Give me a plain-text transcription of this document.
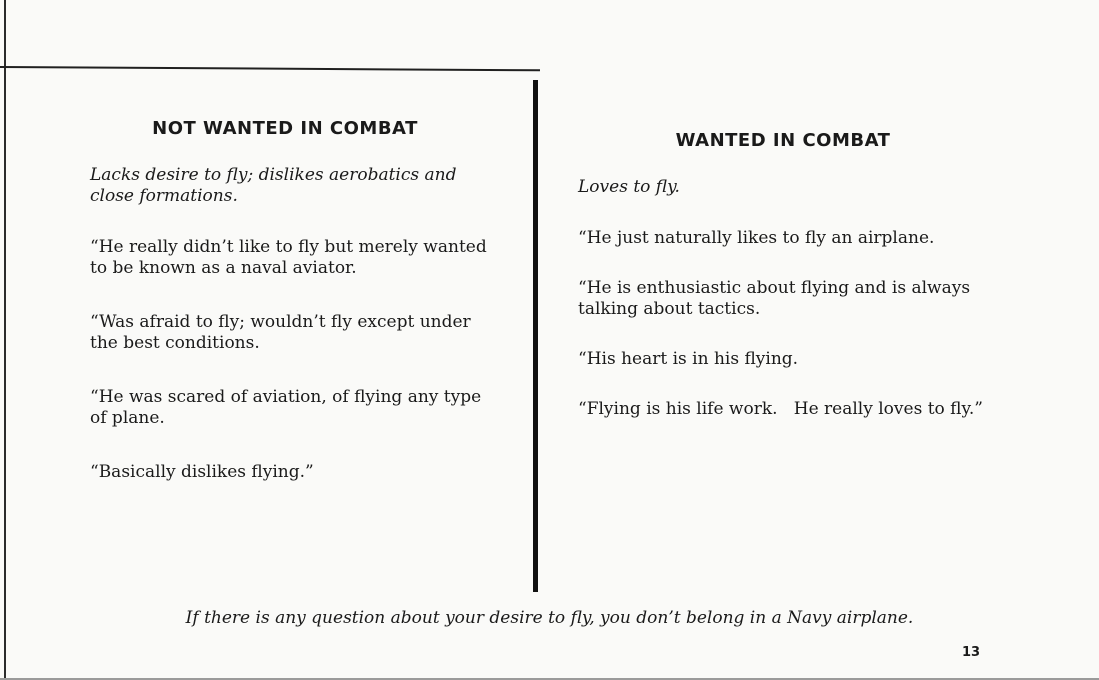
NOT WANTED IN COMBAT

Lacks desire to fly; dislikes aerobatics and close formations.

“He really didn’t like to fly but merely wanted to be known as a naval aviator.

“Was afraid to fly; wouldn’t fly except under the best conditions.

“He was scared of aviation, of flying any type of plane.

“Basically dislikes flying.”

WANTED IN COMBAT

Loves to fly.

“He just naturally likes to fly an airplane.

“He is enthusiastic about flying and is always talking about tactics.

“His heart is in his flying.

“Flying is his life work.   He really loves to fly.”

If there is any question about your desire to fly, you don’t belong in a Navy airplane.
13
